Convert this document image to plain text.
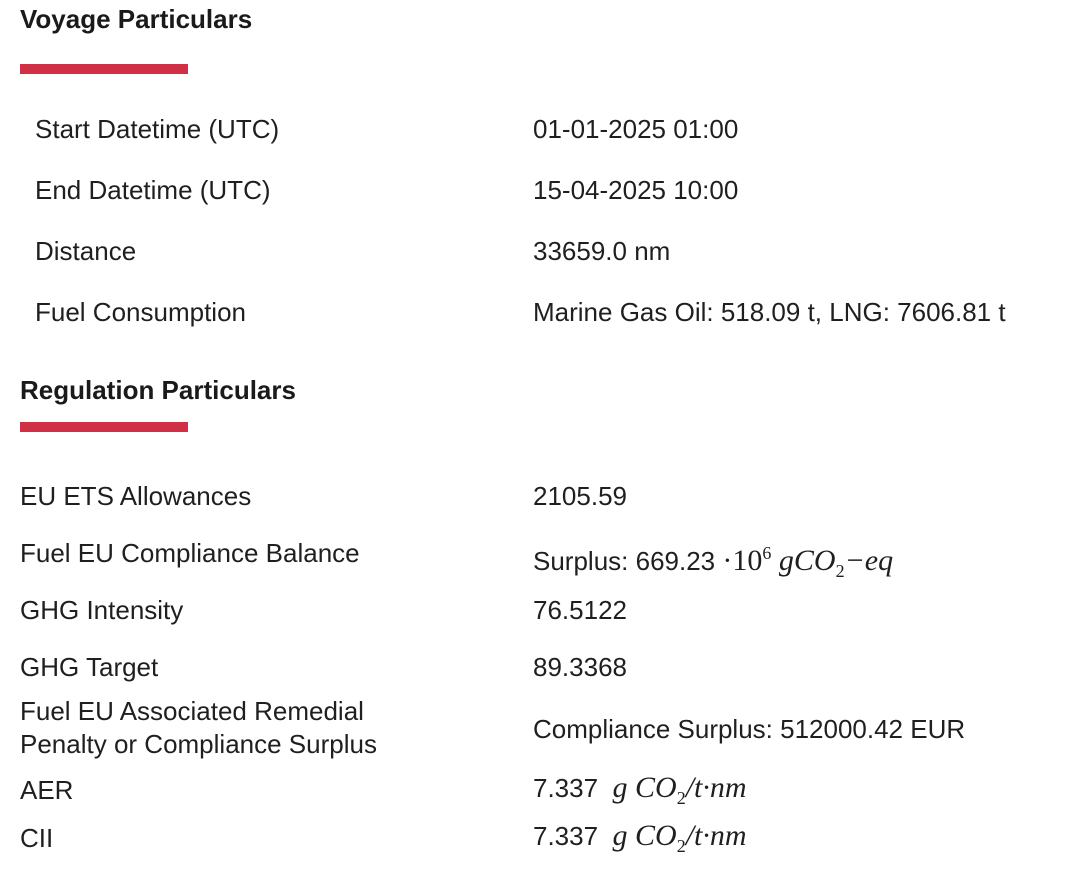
Voyage Particulars
Start Datetime (UTC)	01-01-2025 01:00
End Datetime (UTC)	15-04-2025 10:00
Distance	33659.0 nm
Fuel Consumption	Marine Gas Oil: 518.09 t, LNG: 7606.81 t
Regulation Particulars
EU ETS Allowances	2105.59
Fuel EU Compliance Balance	Surplus: $669.23 \cdot 10^6$ gCO$_2$−eq
GHG Intensity	76.5122
GHG Target	89.3368
Fuel EU Associated Remedial
Penalty or Compliance Surplus	Compliance Surplus: 512000.42 EUR
AER	7.337 g $CO_2/t\cdot nm$
CII	7.337 g $CO_2/t\cdot nm$
